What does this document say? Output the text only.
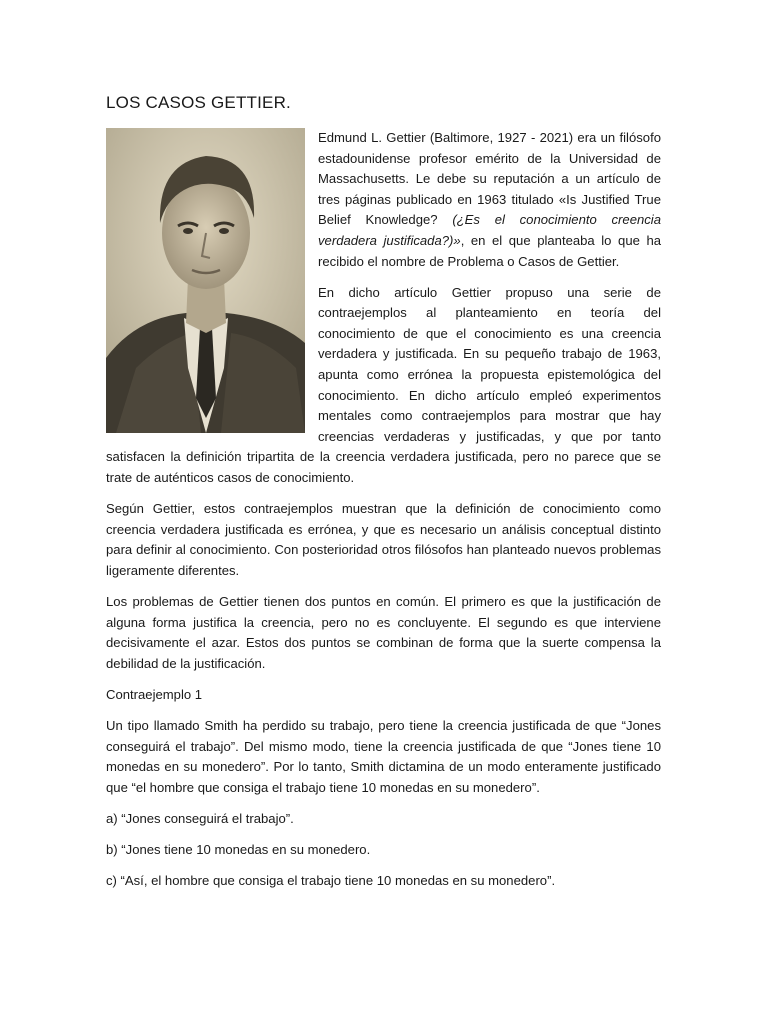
LOS CASOS GETTIER.

Edmund L. Gettier (Baltimore, 1927 - 2021) era un filósofo estadounidense profesor emérito de la Universidad de Massachusetts. Le debe su reputación a un artículo de tres páginas publicado en 1963 titulado «Is Justified True Belief Knowledge? (¿Es el conocimiento creencia verdadera justificada?)», en el que planteaba lo que ha recibido el nombre de Problema o Casos de Gettier.

En dicho artículo Gettier propuso una serie de contraejemplos al planteamiento en teoría del conocimiento de que el conocimiento es una creencia verdadera y justificada. En su pequeño trabajo de 1963, apunta como errónea la propuesta epistemológica del conocimiento. En dicho artículo empleó experimentos mentales como contraejemplos para mostrar que hay creencias verdaderas y justificadas, y que por tanto satisfacen la definición tripartita de la creencia verdadera justificada, pero no parece que se trate de auténticos casos de conocimiento.

Según Gettier, estos contraejemplos muestran que la definición de conocimiento como creencia verdadera justificada es errónea, y que es necesario un análisis conceptual distinto para definir al conocimiento. Con posterioridad otros filósofos han planteado nuevos problemas ligeramente diferentes.

Los problemas de Gettier tienen dos puntos en común. El primero es que la justificación de alguna forma justifica la creencia, pero no es concluyente. El segundo es que interviene decisivamente el azar. Estos dos puntos se combinan de forma que la suerte compensa la debilidad de la justificación.

Contraejemplo 1

Un tipo llamado Smith ha perdido su trabajo, pero tiene la creencia justificada de que “Jones conseguirá el trabajo”. Del mismo modo, tiene la creencia justificada de que “Jones tiene 10 monedas en su monedero”. Por lo tanto, Smith dictamina de un modo enteramente justificado que “el hombre que consiga el trabajo tiene 10 monedas en su monedero”.

a) “Jones conseguirá el trabajo”.

b) “Jones tiene 10 monedas en su monedero.

c) “Así, el hombre que consiga el trabajo tiene 10 monedas en su monedero”.
